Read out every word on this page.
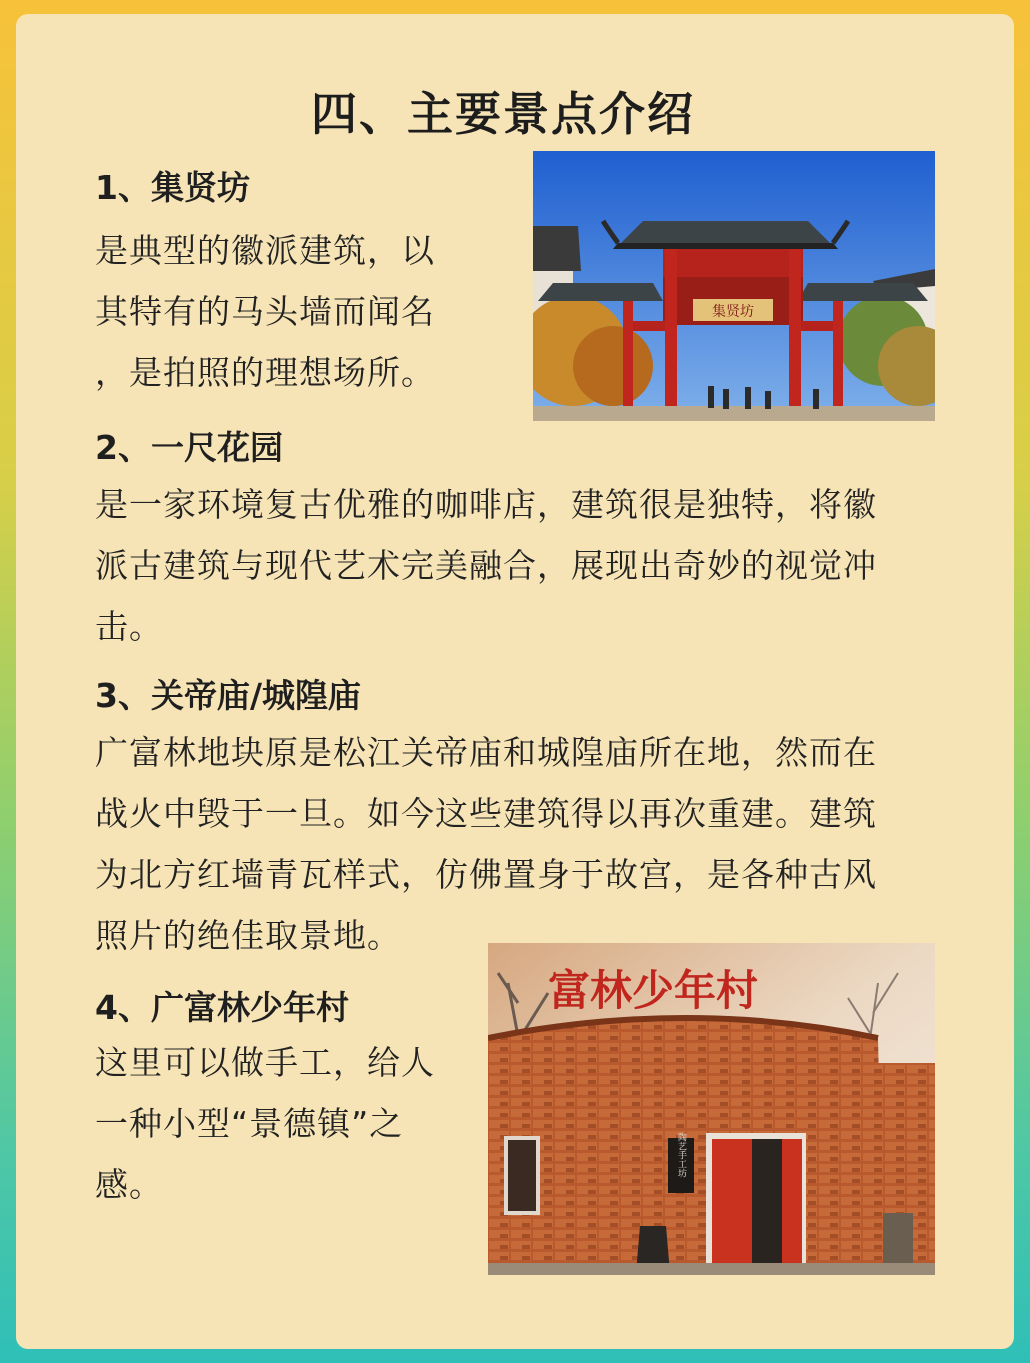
四、主要景点介绍
1、集贤坊
是典型的徽派建筑，以
其特有的马头墙而闻名
，是拍照的理想场所。
集贤坊
2、一尺花园
是一家环境复古优雅的咖啡店，建筑很是独特，将徽
派古建筑与现代艺术完美融合，展现出奇妙的视觉冲
击。
3、关帝庙/城隍庙
广富林地块原是松江关帝庙和城隍庙所在地，然而在
战火中毁于一旦。如今这些建筑得以再次重建。建筑
为北方红墙青瓦样式，仿佛置身于故宫，是各种古风
照片的绝佳取景地。
4、广富林少年村
这里可以做手工，给人
一种小型“景德镇”之
感。
富林少年村
陶艺手工坊
